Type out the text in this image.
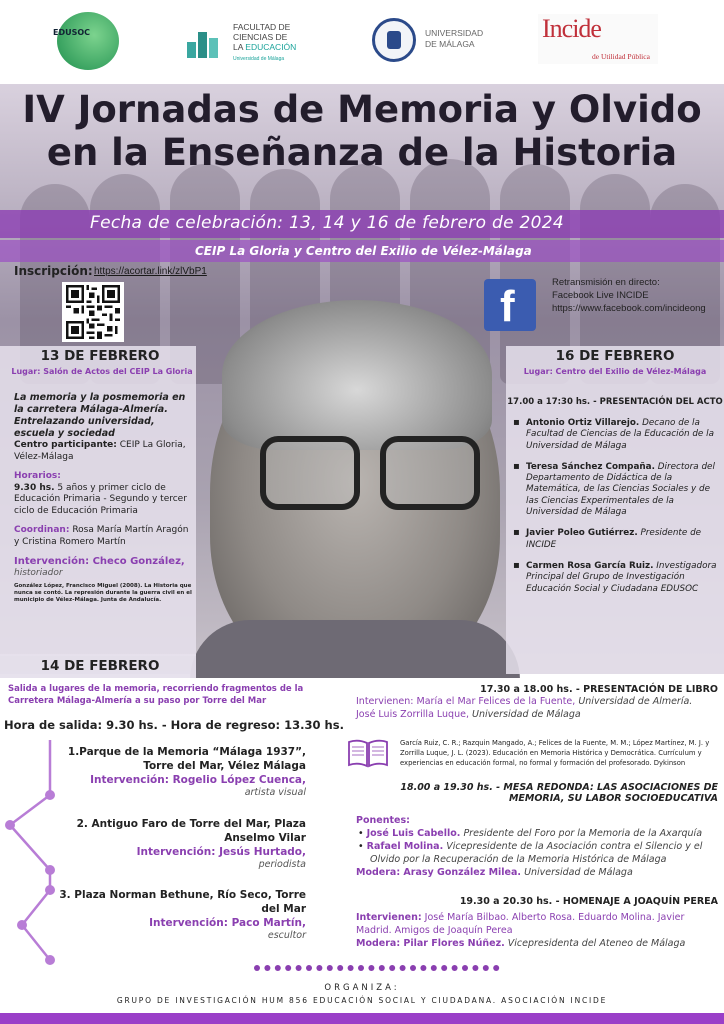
EDUSOC
FACULTAD DE
CIENCIAS DE
LA EDUCACIÓN
Universidad de Málaga
UNIVERSIDAD
DE MÁLAGA
Incide
de Utilidad Pública
IV Jornadas de Memoria y Olvido
en la Enseñanza de la Historia
Fecha de celebración: 13, 14 y 16 de febrero de 2024
CEIP La Gloria y Centro del Exilio de Vélez-Málaga
Inscripción: https://acortar.link/zlVbP1
f	Retransmisión en directo:
Facebook Live INCIDE
https://www.facebook.com/incideong
13 DE FEBRERO
Lugar: Salón de Actos del CEIP La Gloria
La memoria y la posmemoria en la carretera Málaga-Almería. Entrelazando universidad, escuela y sociedad
Centro participante: CEIP La Gloria, Vélez-Málaga
Horarios:
9.30 hs. 5 años y primer ciclo de Educación Primaria - Segundo y tercer ciclo de Educación Primaria
Coordinan: Rosa María Martín Aragón y Cristina Romero Martín
Intervención: Checo González,
historiador
González López, Francisco Miguel (2008). La Historia que nunca se contó. La represión durante la guerra civil en el municipio de Vélez-Málaga. Junta de Andalucía.
16 DE FEBRERO
Lugar: Centro del Exilio de Vélez-Málaga
17.00 a 17:30 hs. - PRESENTACIÓN DEL ACTO
▪ Antonio Ortiz Villarejo. Decano de la Facultad de Ciencias de la Educación de la Universidad de Málaga
▪ Teresa Sánchez Compaña. Directora del Departamento de Didáctica de la Matemática, de las Ciencias Sociales y de las Ciencias Experimentales de la Universidad de Málaga
▪ Javier Poleo Gutiérrez. Presidente de INCIDE
▪ Carmen Rosa García Ruiz. Investigadora Principal del Grupo de Investigación Educación Social y Ciudadana EDUSOC
14 DE FEBRERO
Salida a lugares de la memoria, recorriendo fragmentos de la Carretera Málaga-Almería a su paso por Torre del Mar
Hora de salida: 9.30 hs. - Hora de regreso: 13.30 hs.
1.Parque de la Memoria “Málaga 1937”, Torre del Mar, Vélez Málaga
Intervención: Rogelio López Cuenca,
artista visual
2. Antiguo Faro de Torre del Mar, Plaza Anselmo Vilar
Intervención: Jesús Hurtado,
periodista
3. Plaza Norman Bethune, Río Seco, Torre del Mar
Intervención: Paco Martín,
escultor
17.30 a 18.00 hs. - PRESENTACIÓN DE LIBRO
Intervienen: María el Mar Felices de la Fuente, Universidad de Almería.
José Luis Zorrilla Luque, Universidad de Málaga
García Ruiz, C. R.; Razquin Mangado, A.; Felices de la Fuente, M. M.; López Martínez, M. J. y Zorrilla Luque, J. L. (2023). Educación en Memoria Histórica y Democrática. Currículum y experiencias en educación formal, no formal y formación del profesorado. Dykinson
18.00 a 19.30 hs. - MESA REDONDA: LAS ASOCIACIONES DE MEMORIA, SU LABOR SOCIOEDUCATIVA
Ponentes:
• José Luis Cabello. Presidente del Foro por la Memoria de la Axarquía
• Rafael Molina. Vicepresidente de la Asociación contra el Silencio y el Olvido por la Recuperación de la Memoria Histórica de Málaga
Modera: Arasy González Milea. Universidad de Málaga
19.30 a 20.30 hs. - HOMENAJE A JOAQUÍN PEREA
Intervienen: José María Bilbao. Alberto Rosa. Eduardo Molina. Javier Madrid. Amigos de Joaquín Perea
Modera: Pilar Flores Núñez. Vicepresidenta del Ateneo de Málaga
ORGANIZA:
GRUPO DE INVESTIGACIÓN HUM 856 EDUCACIÓN SOCIAL Y CIUDADANA. ASOCIACIÓN INCIDE
